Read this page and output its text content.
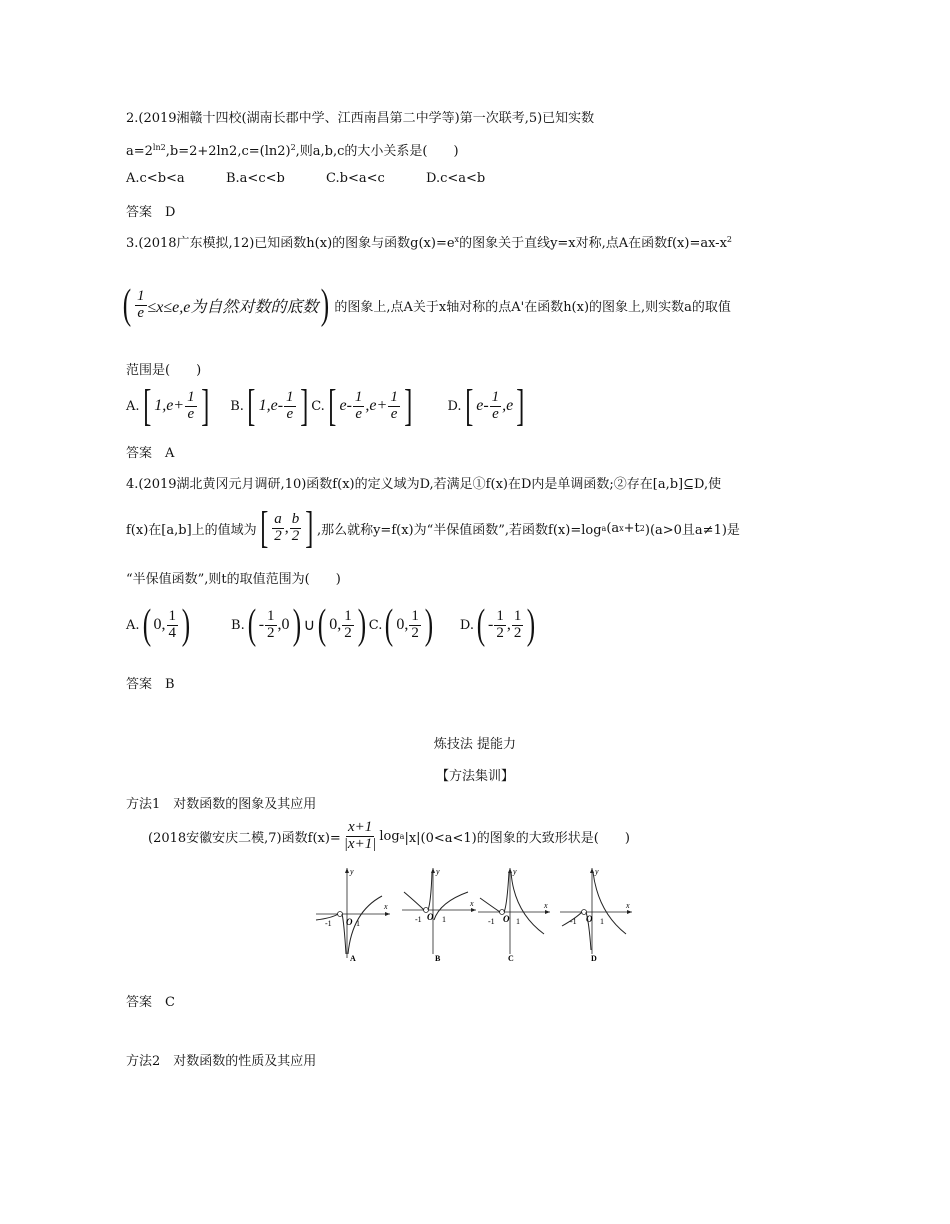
2.(2019湘赣十四校(湖南长郡中学、江西南昌第二中学等)第一次联考,5)已知实数
$a=2^{ln2},b=2+2\ln 2,c=(\ln 2)^2$,则a,b,c的大小关系是(　　)
A.c<b<a	B.a<c<b	C.b<a<c	D.c<a<b
答案　D
3.(2018广东模拟,12)已知函数h(x)的图象与函数$g(x)=e^x$的图象关于直线y=x对称,点A在函数$f(x)=ax-x^2$
( $\frac{1}{e} \le x\le e,e$为自然对数的底数 ) 的图象上,点A关于x轴对称的点A'在函数h(x)的图象上,则实数a的取值
范围是(　　)
A. [ $1,e+ \frac{1}{e}$ ] B. [ $1,e- \frac{1}{e}$ ] C. [ $e- \frac{1}{e} ,e+ \frac{1}{e}$ ]	D. [ $e- \frac{1}{e} ,e$ ]
答案　A
4.(2019湖北黄冈元月调研,10)函数f(x)的定义域为D,若满足①f(x)在D内是单调函数;②存在[a,b]⊆D,使
f(x)在[a,b]上的值域为 [ $\frac{a}{2}$ , $\frac{b}{2}$ ] ,那么就称y=f(x)为“半保值函数”,若函数f(x)=log a (a x +t 2 )(a>0且a≠1)是
“半保值函数”,则t的取值范围为(　　)
A. ( 0, $\frac{1}{4}$ )	B. ( - $\frac{1}{2} ,0$ ) ∪ ( 0, $\frac{1}{2}$ ) C. ( 0, $\frac{1}{2}$ ) D. ( - $\frac{1}{2}$ , $\frac{1}{2}$ )
答案　B
炼技法 提能力
【方法集训】
方法1　对数函数的图象及其应用
(2018安徽安庆二模,7)函数$f(x)= \frac{x+1}{|x+1|}$ log a |x|(0<a<1)的图象的大致形状是(　　)
x
y
O
-1	1
A
x
y
O
-1	1
B
x
y
O
-1	1
C
x
y
O
-1	1
D
答案　C
方法2　对数函数的性质及其应用
